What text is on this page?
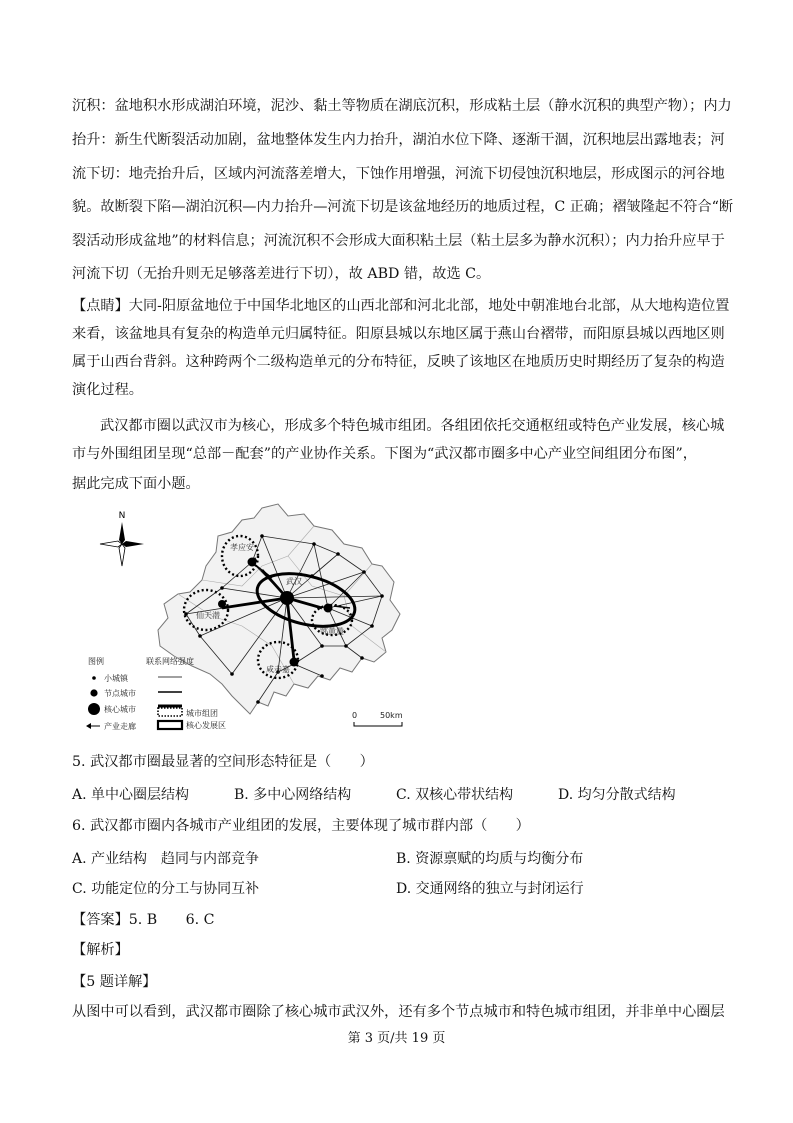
沉积：盆地积水形成湖泊环境，泥沙、黏土等物质在湖底沉积，形成粘土层（静水沉积的典型产物）；内力
抬升：新生代断裂活动加剧，盆地整体发生内力抬升，湖泊水位下降、逐渐干涸，沉积地层出露地表；河
流下切：地壳抬升后，区域内河流落差增大，下蚀作用增强，河流下切侵蚀沉积地层，形成图示的河谷地
貌。故断裂下陷—湖泊沉积—内力抬升—河流下切是该盆地经历的地质过程，C 正确；褶皱隆起不符合“断
裂活动形成盆地”的材料信息；河流沉积不会形成大面积粘土层（粘土层多为静水沉积）；内力抬升应早于
河流下切（无抬升则无足够落差进行下切），故 ABD 错，故选 C。
【点睛】大同-阳原盆地位于中国华北地区的山西北部和河北北部，地处中朝准地台北部，从大地构造位置
来看，该盆地具有复杂的构造单元归属特征。阳原县城以东地区属于燕山台褶带，而阳原县城以西地区则
属于山西台背斜。这种跨两个二级构造单元的分布特征，反映了该地区在地质历史时期经历了复杂的构造
演化过程。
武汉都市圈以武汉市为核心，形成多个特色城市组团。各组团依托交通枢纽或特色产业发展，核心城
市与外围组团呈现“总部－配套”的产业协作关系。下图为“武汉都市圈多中心产业空间组团分布图”，
据此完成下面小题。
孝应安
武汉
仙天潜
鄂黄黄
咸赤嘉
N
图例	联系网络强度
小城镇
节点城市
核心城市
产业走廊
城市组团
核心发展区
0	50km
5. 武汉都市圈最显著的空间形态特征是（　　）
A. 单中心圈层结构	B. 多中心网络结构	C. 双核心带状结构	D. 均匀分散式结构
6. 武汉都市圈内各城市产业组团的发展，主要体现了城市群内部（　　）
A. 产业结构　趋同与内部竞争	B. 资源禀赋的均质与均衡分布
C. 功能定位的分工与协同互补	D. 交通网络的独立与封闭运行
【答案】5. B　　6. C
【解析】
【5 题详解】
从图中可以看到，武汉都市圈除了核心城市武汉外，还有多个节点城市和特色城市组团，并非单中心圈层
第 3 页/共 19 页
